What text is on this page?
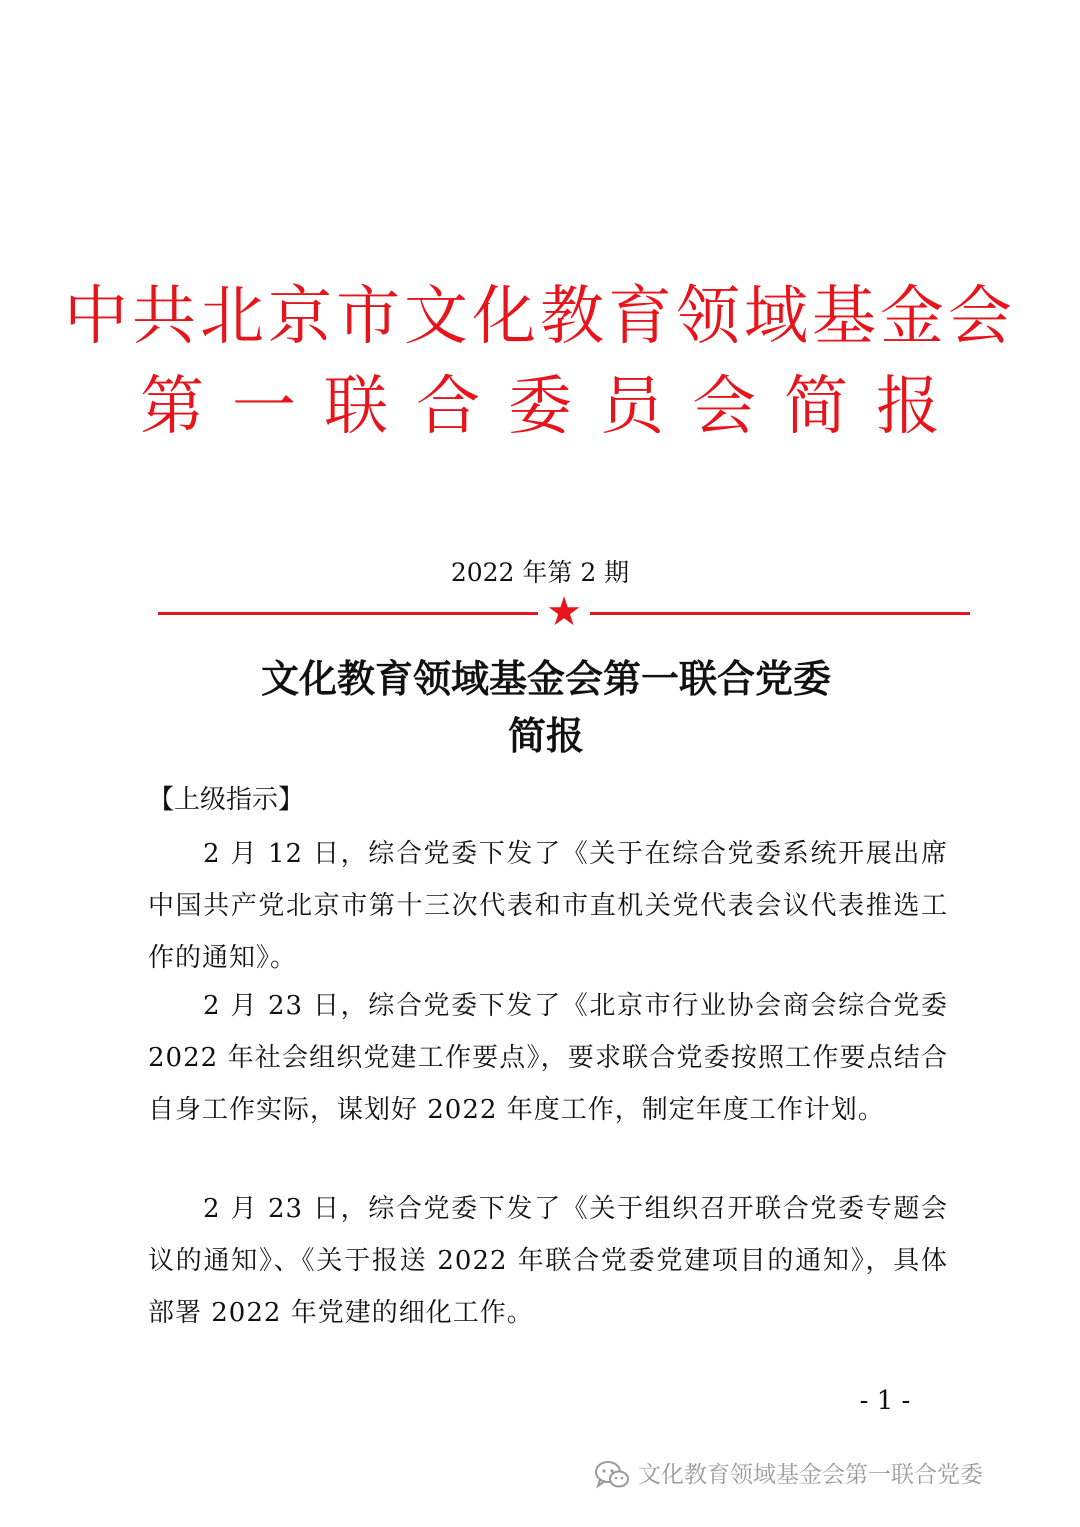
中共北京市文化教育领域基金会
第一联合委员会简报
2022 年第 2 期
★
文化教育领域基金会第一联合党委
简报
【上级指示】

2 月 12 日，综合党委下发了《关于在综合党委系统开展出席中国共产党北京市第十三次代表和市直机关党代表会议代表推选工作的通知》。

2 月 23 日，综合党委下发了《北京市行业协会商会综合党委 2022 年社会组织党建工作要点》，要求联合党委按照工作要点结合自身工作实际，谋划好 2022 年度工作，制定年度工作计划。

2 月 23 日，综合党委下发了《关于组织召开联合党委专题会议的通知》、《关于报送 2022 年联合党委党建项目的通知》，具体部署 2022 年党建的细化工作。

- 1 -
文化教育领域基金会第一联合党委
